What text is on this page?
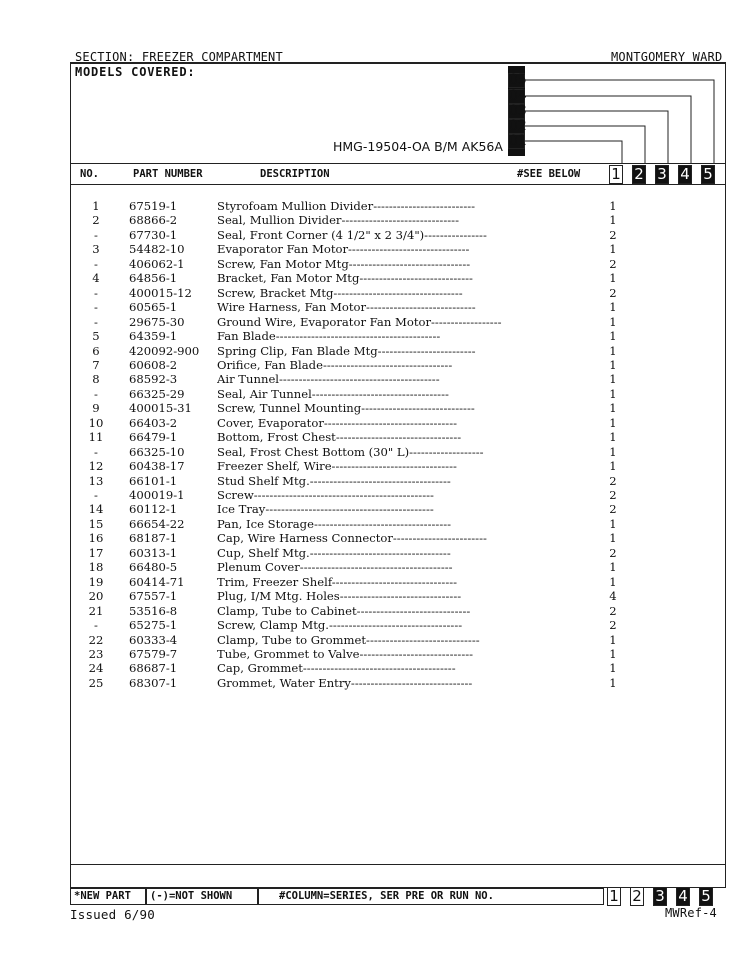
SECTION: FREEZER COMPARTMENT	MONTGOMERY WARD
MODELS COVERED:
HMG-19504-OA B/M AK56A
05
04
03
02
01
NO.	PART NUMBER	DESCRIPTION	#SEE BELOW 1 2 3 4 5
1	67519-1	Styrofoam Mullion Divider--------------------------	1
2	68866-2	Seal, Mullion Divider------------------------------	1
-	67730-1	Seal, Front Corner (4 1/2" x 2 3/4")----------------	2
3	54482-10	Evaporator Fan Motor-------------------------------	1
-	406062-1	Screw, Fan Motor Mtg-------------------------------	2
4	64856-1	Bracket, Fan Motor Mtg-----------------------------	1
-	400015-12 Screw, Bracket Mtg---------------------------------	2
-	60565-1	Wire Harness, Fan Motor----------------------------	1
-	29675-30	Ground Wire, Evaporator Fan Motor------------------	1
5	64359-1	Fan Blade------------------------------------------	1
6	420092-900 Spring Clip, Fan Blade Mtg-------------------------	1
7	60608-2	Orifice, Fan Blade---------------------------------	1
8	68592-3	Air Tunnel-----------------------------------------	1
-	66325-29	Seal, Air Tunnel-----------------------------------	1
9	400015-31 Screw, Tunnel Mounting-----------------------------	1
10	66403-2	Cover, Evaporator----------------------------------	1
11	66479-1	Bottom, Frost Chest--------------------------------	1
-	66325-10	Seal, Frost Chest Bottom (30" L)-------------------	1
12	60438-17	Freezer Shelf, Wire--------------------------------	1
13	66101-1	Stud Shelf Mtg.------------------------------------	2
-	400019-1	Screw----------------------------------------------	2
14	60112-1	Ice Tray-------------------------------------------	2
15	66654-22	Pan, Ice Storage-----------------------------------	1
16	68187-1	Cap, Wire Harness Connector------------------------	1
17	60313-1	Cup, Shelf Mtg.------------------------------------	2
18	66480-5	Plenum Cover---------------------------------------	1
19	60414-71	Trim, Freezer Shelf--------------------------------	1
20	67557-1	Plug, I/M Mtg. Holes-------------------------------	4
21	53516-8	Clamp, Tube to Cabinet-----------------------------	2
-	65275-1	Screw, Clamp Mtg.----------------------------------	2
22	60333-4	Clamp, Tube to Grommet-----------------------------	1
23	67579-7	Tube, Grommet to Valve-----------------------------	1
24	68687-1	Cap, Grommet---------------------------------------	1
25	68307-1	Grommet, Water Entry-------------------------------	1
*NEW PART	(-)=NOT SHOWN	#COLUMN=SERIES, SER PRE OR RUN NO.	1 2 3 4 5
Issued 6/90	MWRef-4
